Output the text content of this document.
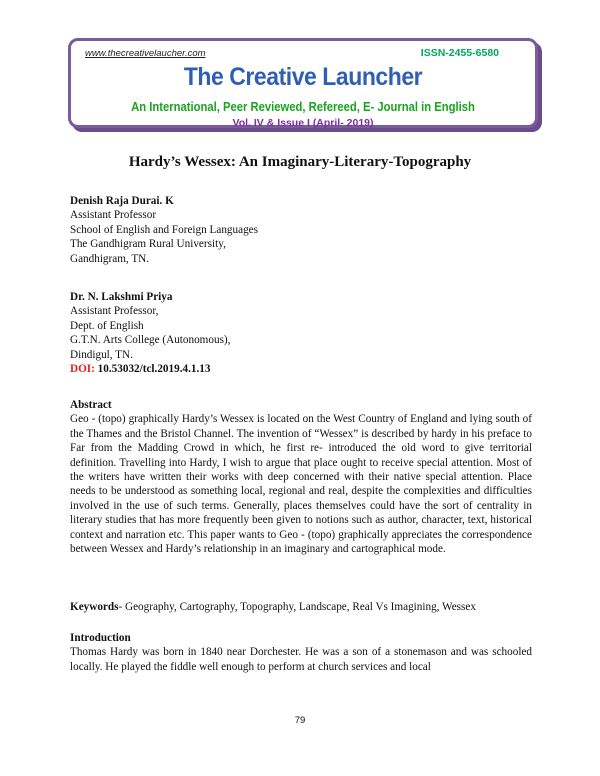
www.thecreativelaucher.com	ISSN-2455-6580
The Creative Launcher
An International, Peer Reviewed, Refereed, E- Journal in English
Vol. IV & Issue I (April- 2019)
Hardy’s Wessex: An Imaginary-Literary-Topography
Denish Raja Durai. K
Assistant Professor
School of English and Foreign Languages
The Gandhigram Rural University,
Gandhigram, TN.
Dr. N. Lakshmi Priya
Assistant Professor,
Dept. of English
G.T.N. Arts College (Autonomous),
Dindigul, TN.
DOI: 10.53032/tcl.2019.4.1.13
Abstract
Geo - (topo) graphically Hardy’s Wessex is located on the West Country of England and lying south of the Thames and the Bristol Channel. The invention of “Wessex” is described by hardy in his preface to Far from the Madding Crowd in which, he first re- introduced the old word to give territorial definition. Travelling into Hardy, I wish to argue that place ought to receive special attention. Most of the writers have written their works with deep concerned with their native special attention. Place needs to be understood as something local, regional and real, despite the complexities and difficulties involved in the use of such terms. Generally, places themselves could have the sort of centrality in literary studies that has more frequently been given to notions such as author, character, text, historical context and narration etc. This paper wants to Geo - (topo) graphically appreciates the correspondence between Wessex and Hardy’s relationship in an imaginary and cartographical mode.
Keywords- Geography, Cartography, Topography, Landscape, Real Vs Imagining, Wessex
Introduction
Thomas Hardy was born in 1840 near Dorchester. He was a son of a stonemason and was schooled locally. He played the fiddle well enough to perform at church services and local
79
